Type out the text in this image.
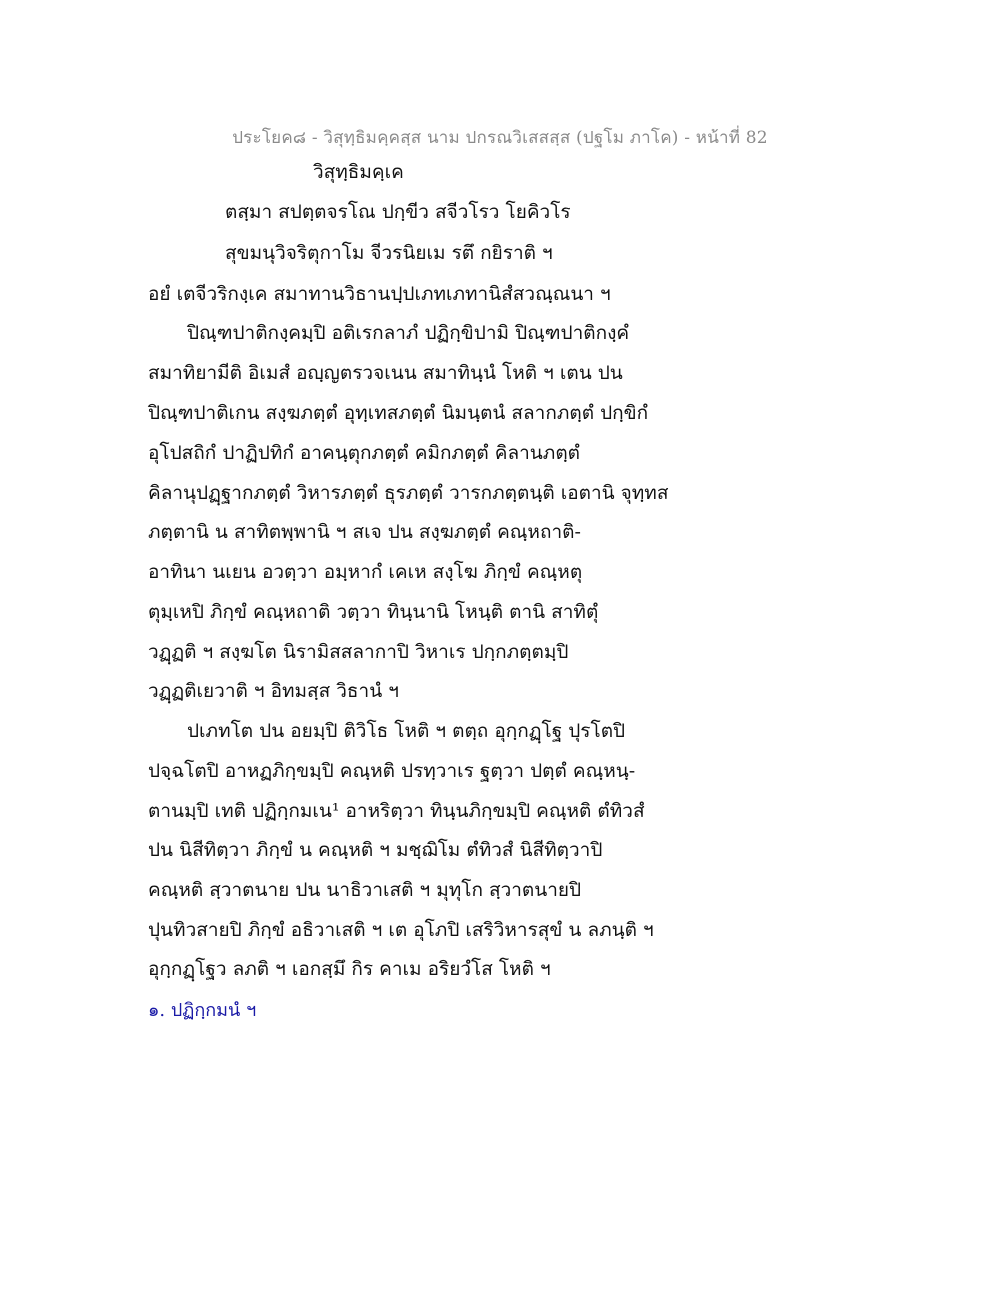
ประโยค๘ - วิสุทฺธิมคฺคสฺส นาม ปกรณวิเสสสฺส (ปฐโม ภาโค) - หน้าที่ 82
วิสุทฺธิมคฺเค
ตสฺมา สปตฺตจรโณ ปกฺขีว สจีวโรว โยคิวโร
สุขมนุวิจริตุกาโม จีวรนิยเม รตึ กยิราติ ฯ
อยํ เตจีวริกงฺเค สมาทานวิธานปฺปเภทเภทานิสํสวณฺณนา ฯ
ปิณฺฑปาติกงฺคมฺปิ อติเรกลาภํ ปฏิกฺขิปามิ ปิณฺฑปาติกงฺคํ
สมาทิยามีติ อิเมสํ อญฺญตรวจเนน สมาทินฺนํ โหติ ฯ เตน ปน
ปิณฺฑปาติเกน สงฺฆภตฺตํ อุทฺเทสภตฺตํ นิมนฺตนํ สลากภตฺตํ ปกฺขิกํ
อุโปสถิกํ ปาฏิปทิกํ อาคนฺตุกภตฺตํ คมิกภตฺตํ คิลานภตฺตํ
คิลานุปฏฺฐากภตฺตํ วิหารภตฺตํ ธุรภตฺตํ วารกภตฺตนฺติ เอตานิ จุทฺทส
ภตฺตานิ น สาทิตพฺพานิ ฯ สเจ ปน สงฺฆภตฺตํ คณฺหถาติ-
อาทินา นเยน อวตฺวา อมฺหากํ เคเห สงฺโฆ ภิกฺขํ คณฺหตุ
ตุมฺเหปิ ภิกฺขํ คณฺหถาติ วตฺวา ทินฺนานิ โหนฺติ ตานิ สาทิตุํ
วฏฺฏติ ฯ สงฺฆโต นิรามิสสลากาปิ วิหาเร ปกฺกภตฺตมฺปิ
วฏฺฏติเยวาติ ฯ อิทมสฺส วิธานํ ฯ
ปเภทโต ปน อยมฺปิ ติวิโธ โหติ ฯ ตตฺถ อุกฺกฏฺโฐ ปุรโตปิ
ปจฺฉโตปิ อาหฏภิกฺขมฺปิ คณฺหติ ปรทฺวาเร ฐตฺวา ปตฺตํ คณฺหนฺ-
ตานมฺปิ เทติ ปฏิกฺกมเน¹ อาหริตฺวา ทินฺนภิกฺขมฺปิ คณฺหติ ตํทิวสํ
ปน นิสีทิตฺวา ภิกฺขํ น คณฺหติ ฯ มชฺฌิโม ตํทิวสํ นิสีทิตฺวาปิ
คณฺหติ สฺวาตนาย ปน นาธิวาเสติ ฯ มุทุโก สฺวาตนายปิ
ปุนทิวสายปิ ภิกฺขํ อธิวาเสติ ฯ เต อุโภปิ เสริวิหารสุขํ น ลภนฺติ ฯ
อุกฺกฏฺโฐว ลภติ ฯ เอกสฺมึ กิร คาเม อริยวํโส โหติ ฯ
๑. ปฏิกฺกมนํ ฯ
